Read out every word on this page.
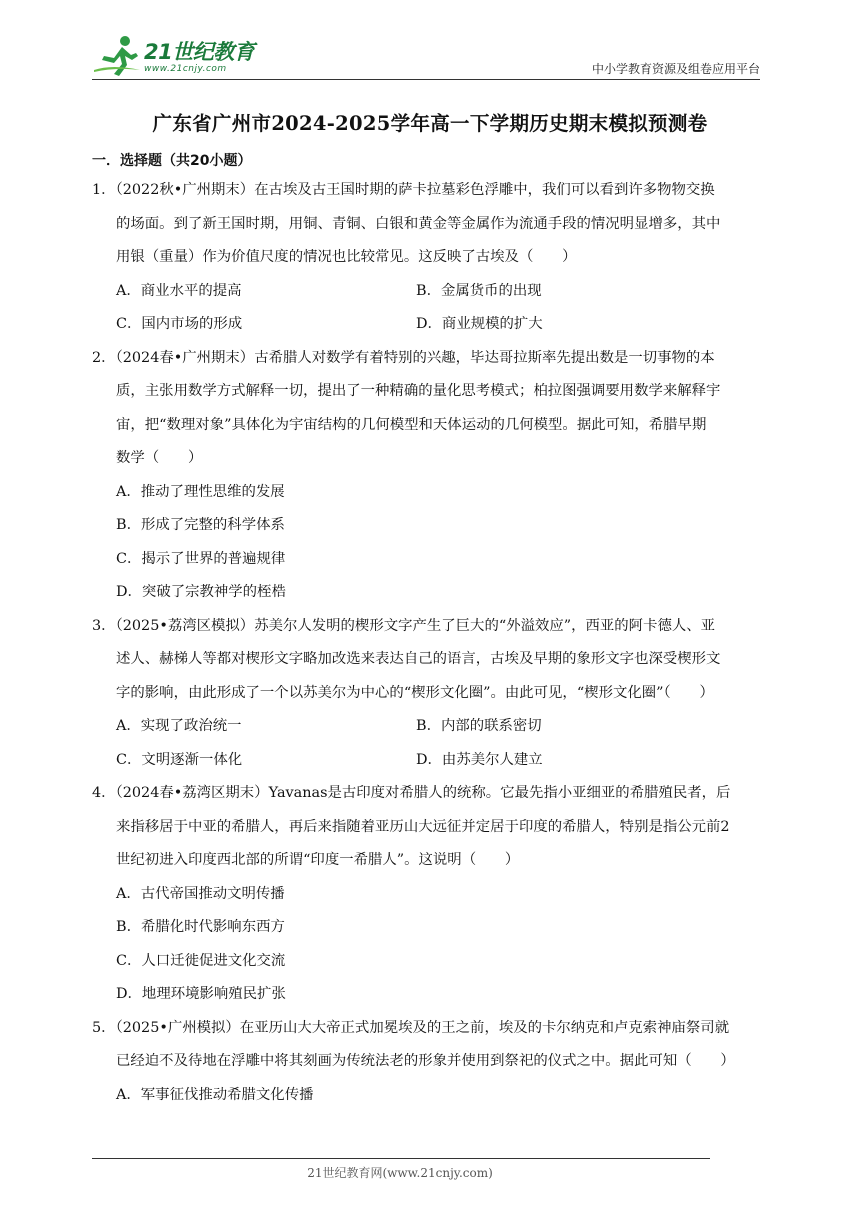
21世纪教育
www.21cnjy.com	中小学教育资源及组卷应用平台
广东省广州市2024-2025学年高一下学期历史期末模拟预测卷
一．选择题（共20小题）
1．（2022秋•广州期末）在古埃及古王国时期的萨卡拉墓彩色浮雕中，我们可以看到许多物物交换
的场面。到了新王国时期，用铜、青铜、白银和黄金等金属作为流通手段的情况明显增多，其中
用银（重量）作为价值尺度的情况也比较常见。这反映了古埃及（　　）
A．商业水平的提高	B．金属货币的出现
C．国内市场的形成	D．商业规模的扩大
2．（2024春•广州期末）古希腊人对数学有着特别的兴趣，毕达哥拉斯率先提出数是一切事物的本
质，主张用数学方式解释一切，提出了一种精确的量化思考模式；柏拉图强调要用数学来解释宇
宙，把“数理对象”具体化为宇宙结构的几何模型和天体运动的几何模型。据此可知，希腊早期
数学（　　）
A．推动了理性思维的发展
B．形成了完整的科学体系
C．揭示了世界的普遍规律
D．突破了宗教神学的桎梏
3．（2025•荔湾区模拟）苏美尔人发明的楔形文字产生了巨大的“外溢效应”，西亚的阿卡德人、亚
述人、赫梯人等都对楔形文字略加改选来表达自己的语言，古埃及早期的象形文字也深受楔形文
字的影响，由此形成了一个以苏美尔为中心的“楔形文化圈”。由此可见，“楔形文化圈”（　　）
A．实现了政治统一	B．内部的联系密切
C．文明逐渐一体化	D．由苏美尔人建立
4．（2024春•荔湾区期末）Yavanas是古印度对希腊人的统称。它最先指小亚细亚的希腊殖民者，后
来指移居于中亚的希腊人，再后来指随着亚历山大远征并定居于印度的希腊人，特别是指公元前2
世纪初进入印度西北部的所谓“印度一希腊人”。这说明（　　）
A．古代帝国推动文明传播
B．希腊化时代影响东西方
C．人口迁徙促进文化交流
D．地理环境影响殖民扩张
5．（2025•广州模拟）在亚历山大大帝正式加冕埃及的王之前，埃及的卡尔纳克和卢克索神庙祭司就
已经迫不及待地在浮雕中将其刻画为传统法老的形象并使用到祭祀的仪式之中。据此可知（　　）
A．军事征伐推动希腊文化传播
21世纪教育网(www.21cnjy.com)
